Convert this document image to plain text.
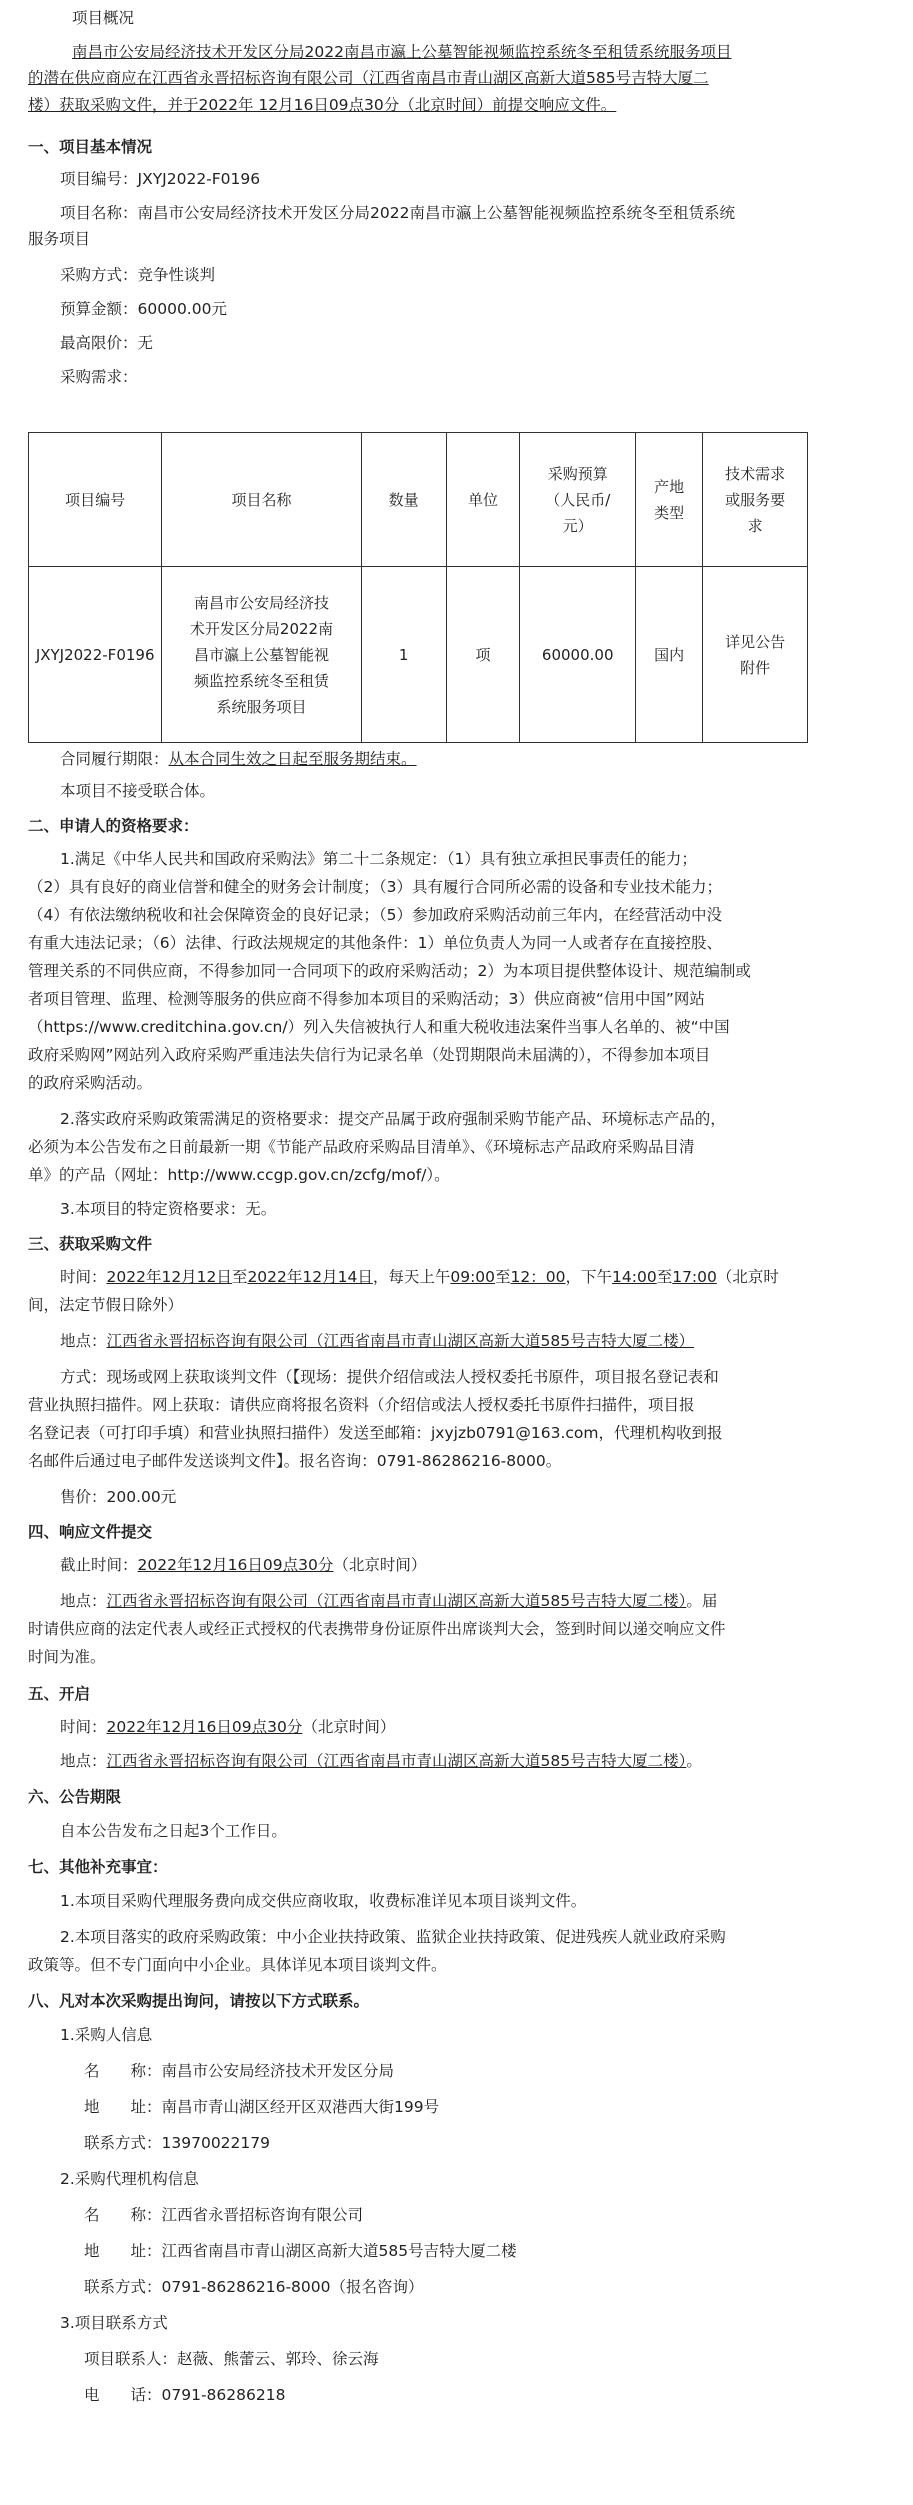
项目概况
南昌市公安局经济技术开发区分局2022南昌市瀛上公墓智能视频监控系统冬至租赁系统服务项目
的潜在供应商应在江西省永晋招标咨询有限公司（江西省南昌市青山湖区高新大道585号吉特大厦二
楼）获取采购文件，并于2022年 12月16日09点30分（北京时间）前提交响应文件。
一、项目基本情况
项目编号：JXYJ2022-F0196
项目名称：南昌市公安局经济技术开发区分局2022南昌市瀛上公墓智能视频监控系统冬至租赁系统
服务项目
采购方式：竞争性谈判
预算金额：60000.00元
最高限价：无
采购需求：
项目编号	项目名称	数量	单位	采购预算
（人民币/
元）	产地
类型	技术需求
或服务要
求
JXYJ2022-F0196	南昌市公安局经济技
术开发区分局2022南
昌市瀛上公墓智能视
频监控系统冬至租赁
系统服务项目	1	项	60000.00	国内	详见公告
附件
合同履行期限：从本合同生效之日起至服务期结束。
本项目不接受联合体。
二、申请人的资格要求：
1.满足《中华人民共和国政府采购法》第二十二条规定：（1）具有独立承担民事责任的能力；
（2）具有良好的商业信誉和健全的财务会计制度；（3）具有履行合同所必需的设备和专业技术能力；
（4）有依法缴纳税收和社会保障资金的良好记录；（5）参加政府采购活动前三年内，在经营活动中没
有重大违法记录；（6）法律、行政法规规定的其他条件：1）单位负责人为同一人或者存在直接控股、
管理关系的不同供应商，不得参加同一合同项下的政府采购活动；2）为本项目提供整体设计、规范编制或
者项目管理、监理、检测等服务的供应商不得参加本项目的采购活动；3）供应商被“信用中国”网站
（https://www.creditchina.gov.cn/）列入失信被执行人和重大税收违法案件当事人名单的、被“中国
政府采购网”网站列入政府采购严重违法失信行为记录名单（处罚期限尚未届满的），不得参加本项目
的政府采购活动。
2.落实政府采购政策需满足的资格要求：提交产品属于政府强制采购节能产品、环境标志产品的，
必须为本公告发布之日前最新一期《节能产品政府采购品目清单》、《环境标志产品政府采购品目清
单》的产品（网址：http://www.ccgp.gov.cn/zcfg/mof/）。
3.本项目的特定资格要求：无。
三、获取采购文件
时间：2022年12月12日至2022年12月14日，每天上午09:00至12：00，下午14:00至17:00（北京时
间，法定节假日除外）
地点：江西省永晋招标咨询有限公司（江西省南昌市青山湖区高新大道585号吉特大厦二楼）
方式：现场或网上获取谈判文件（【现场：提供介绍信或法人授权委托书原件，项目报名登记表和
营业执照扫描件。网上获取：请供应商将报名资料（介绍信或法人授权委托书原件扫描件，项目报
名登记表（可打印手填）和营业执照扫描件）发送至邮箱：jxyjzb0791@163.com，代理机构收到报
名邮件后通过电子邮件发送谈判文件】。报名咨询：0791-86286216-8000。
售价：200.00元
四、响应文件提交
截止时间：2022年12月16日09点30分（北京时间）
地点：江西省永晋招标咨询有限公司（江西省南昌市青山湖区高新大道585号吉特大厦二楼）。届
时请供应商的法定代表人或经正式授权的代表携带身份证原件出席谈判大会，签到时间以递交响应文件
时间为准。
五、开启
时间：2022年12月16日09点30分（北京时间）
地点：江西省永晋招标咨询有限公司（江西省南昌市青山湖区高新大道585号吉特大厦二楼）。
六、公告期限
自本公告发布之日起3个工作日。
七、其他补充事宜：
1.本项目采购代理服务费向成交供应商收取，收费标准详见本项目谈判文件。
2.本项目落实的政府采购政策：中小企业扶持政策、监狱企业扶持政策、促进残疾人就业政府采购
政策等。但不专门面向中小企业。具体详见本项目谈判文件。
八、凡对本次采购提出询问，请按以下方式联系。
1.采购人信息
名　　称：南昌市公安局经济技术开发区分局
地　　址：南昌市青山湖区经开区双港西大街199号
联系方式：13970022179
2.采购代理机构信息
名　　称：江西省永晋招标咨询有限公司
地　　址：江西省南昌市青山湖区高新大道585号吉特大厦二楼
联系方式：0791-86286216-8000（报名咨询）
3.项目联系方式
项目联系人：赵薇、熊蕾云、郭玲、徐云海
电　　话：0791-86286218
